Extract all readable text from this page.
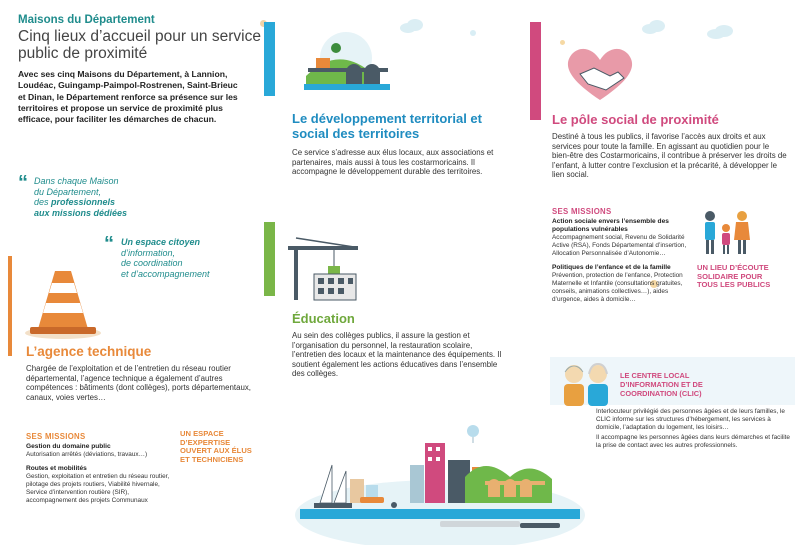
Maisons du Département
Cinq lieux d’accueil pour un service public de proximité
Avec ses cinq Maisons du Département, à Lannion, Loudéac, Guingamp-Paimpol-Rostrenen, Saint-Brieuc et Dinan, le Département renforce sa présence sur les territoires et propose un service de proximité plus efficace, pour faciliter les démarches de chacun.
“ Dans chaque Maison
du Département,
des professionnels
aux missions dédiées
“ Un espace citoyen
d’information,
de coordination
et d’accompagnement
L’agence technique
Chargée de l’exploitation et de l’entretien du réseau routier départemental, l’agence technique a également d’autres compétences : bâtiments (dont collèges), ports départementaux, canaux, voies vertes…
SES MISSIONS
Gestion du domaine public
Autorisation arrêtés (déviations, travaux…)
Routes et mobilités
Gestion, exploitation et entretien du réseau routier, pilotage des projets routiers, Viabilité hivernale, Service d’intervention routière (SIR), accompagnement des projets Communaux
UN ESPACE D’EXPERTISE OUVERT AUX ÉLUS ET TECHNICIENS
Le développement territorial et social des territoires
Ce service s’adresse aux élus locaux, aux associations et partenaires, mais aussi à tous les costarmoricains. Il accompagne le développement durable des territoires.
Éducation
Au sein des collèges publics, il assure la gestion et l’organisation du personnel, la restauration scolaire, l’entretien des locaux et la maintenance des équipements. Il soutient également les actions éducatives dans l’ensemble des collèges.
Le pôle social de proximité
Destiné à tous les publics, il favorise l’accès aux droits et aux services pour toute la famille. En agissant au quotidien pour le bien-être des Costarmoricains, il contribue à préserver les droits de l’enfant, à lutter contre l’exclusion et la précarité, à développer le lien social.
SES MISSIONS
Action sociale envers l’ensemble des populations vulnérables
Accompagnement social, Revenu de Solidarité Active (RSA), Fonds Départemental d’insertion, Allocation Personnalisée d’Autonomie…
Politiques de l’enfance et de la famille
Prévention, protection de l’enfance, Protection Maternelle et Infantile (consultations gratuites, conseils, animations collectives…), aides d’urgence, aides à domicile…
UN LIEU D’ÉCOUTE SOLIDAIRE POUR TOUS LES PUBLICS
LE CENTRE LOCAL D’INFORMATION ET DE COORDINATION (CLIC)
Interlocuteur privilégié des personnes âgées et de leurs familles, le CLIC informe sur les structures d’hébergement, les services à domicile, l’adaptation du logement, les loisirs…
Il accompagne les personnes âgées dans leurs démarches et facilite la prise de contact avec les autres professionnels.
